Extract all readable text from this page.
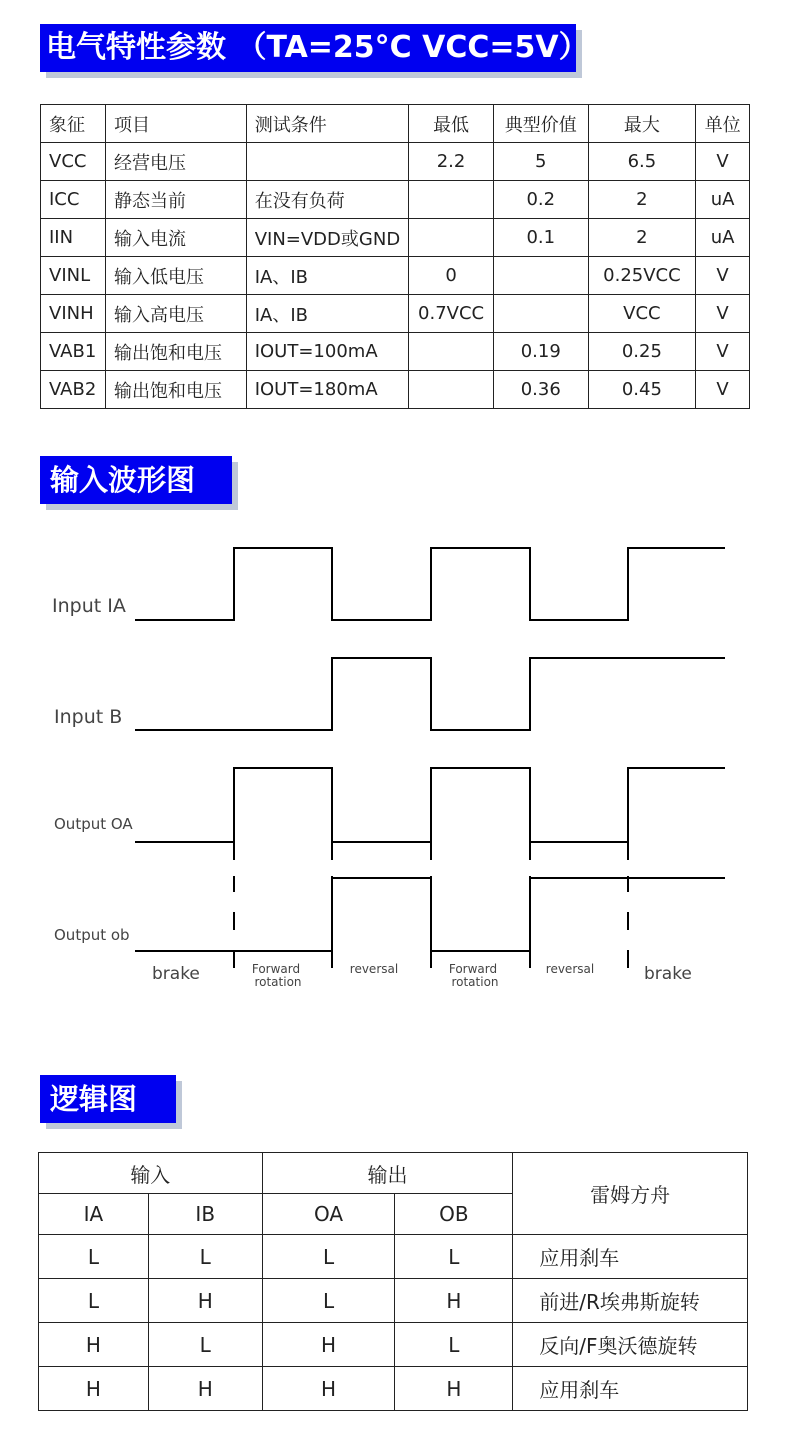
电气特性参数 （TA=25°C VCC=5V）
象征	项目	测试条件	最低	典型价值	最大	单位
VCC	经营电压		2.2	5	6.5	V
ICC	静态当前	在没有负荷		0.2	2	uA
IIN	输入电流	VIN=VDD或GND		0.1	2	uA
VINL	输入低电压	IA、IB	0		0.25VCC	V
VINH	输入高电压	IA、IB	0.7VCC		VCC	V
VAB1	输出饱和电压	IOUT=100mA		0.19	0.25	V
VAB2	输出饱和电压	IOUT=180mA		0.36	0.45	V
输入波形图
Input IA
Input B
Output OA
Output ob
brake	Forward
rotation
reversal	Forward
rotation
reversal	brake
逻辑图
输入		输出		雷姆方舟
IA	IB	OA	OB	
L	L	L	L	应用刹车
L	H	L	H	前进/R埃弗斯旋转
H	L	H	L	反向/F奥沃德旋转
H	H	H	H	应用刹车
